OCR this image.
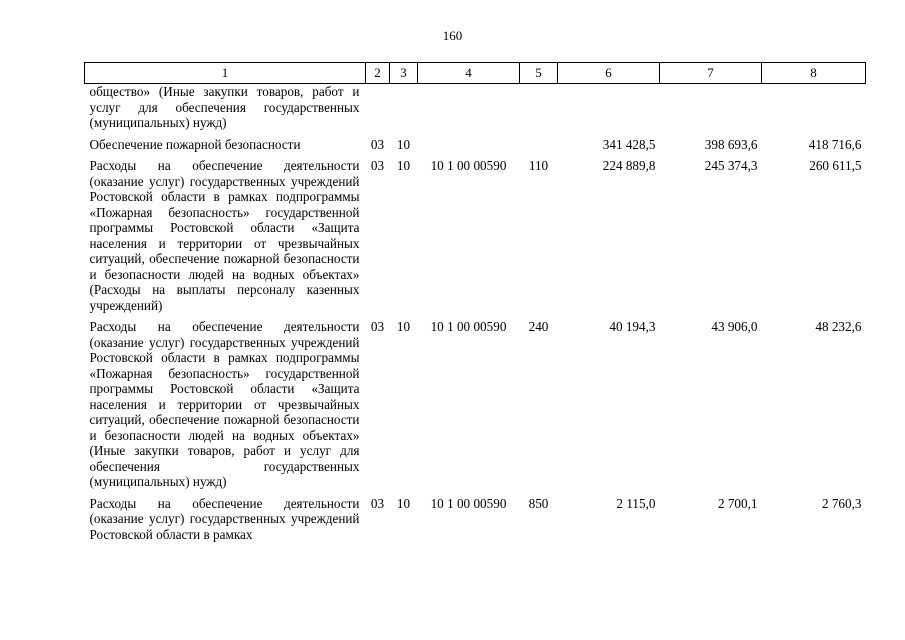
160
1	2	3	4	5	6	7	8
общество» (Иные закупки товаров, работ и услуг для обеспечения государственных (муниципальных) нужд)							
Обеспечение пожарной безопасности	03	10			341 428,5	398 693,6	418 716,6
Расходы на обеспечение деятельности (оказание услуг) государственных учреждений Ростовской области в рамках подпрограммы «Пожарная безопасность» государственной программы Ростовской области «Защита населения и территории от чрезвычайных ситуаций, обеспечение пожарной безопасности и безопасности людей на водных объектах» (Расходы на выплаты персоналу казенных учреждений)	03	10	10 1 00 00590	110	224 889,8	245 374,3	260 611,5
Расходы на обеспечение деятельности (оказание услуг) государственных учреждений Ростовской области в рамках подпрограммы «Пожарная безопасность» государственной программы Ростовской области «Защита населения и территории от чрезвычайных ситуаций, обеспечение пожарной безопасности и безопасности людей на водных объектах» (Иные закупки товаров, работ и услуг для обеспечения государственных (муниципальных) нужд)	03	10	10 1 00 00590	240	40 194,3	43 906,0	48 232,6
Расходы на обеспечение деятельности (оказание услуг) государственных учреждений Ростовской области в рамках	03	10	10 1 00 00590	850	2 115,0	2 700,1	2 760,3
